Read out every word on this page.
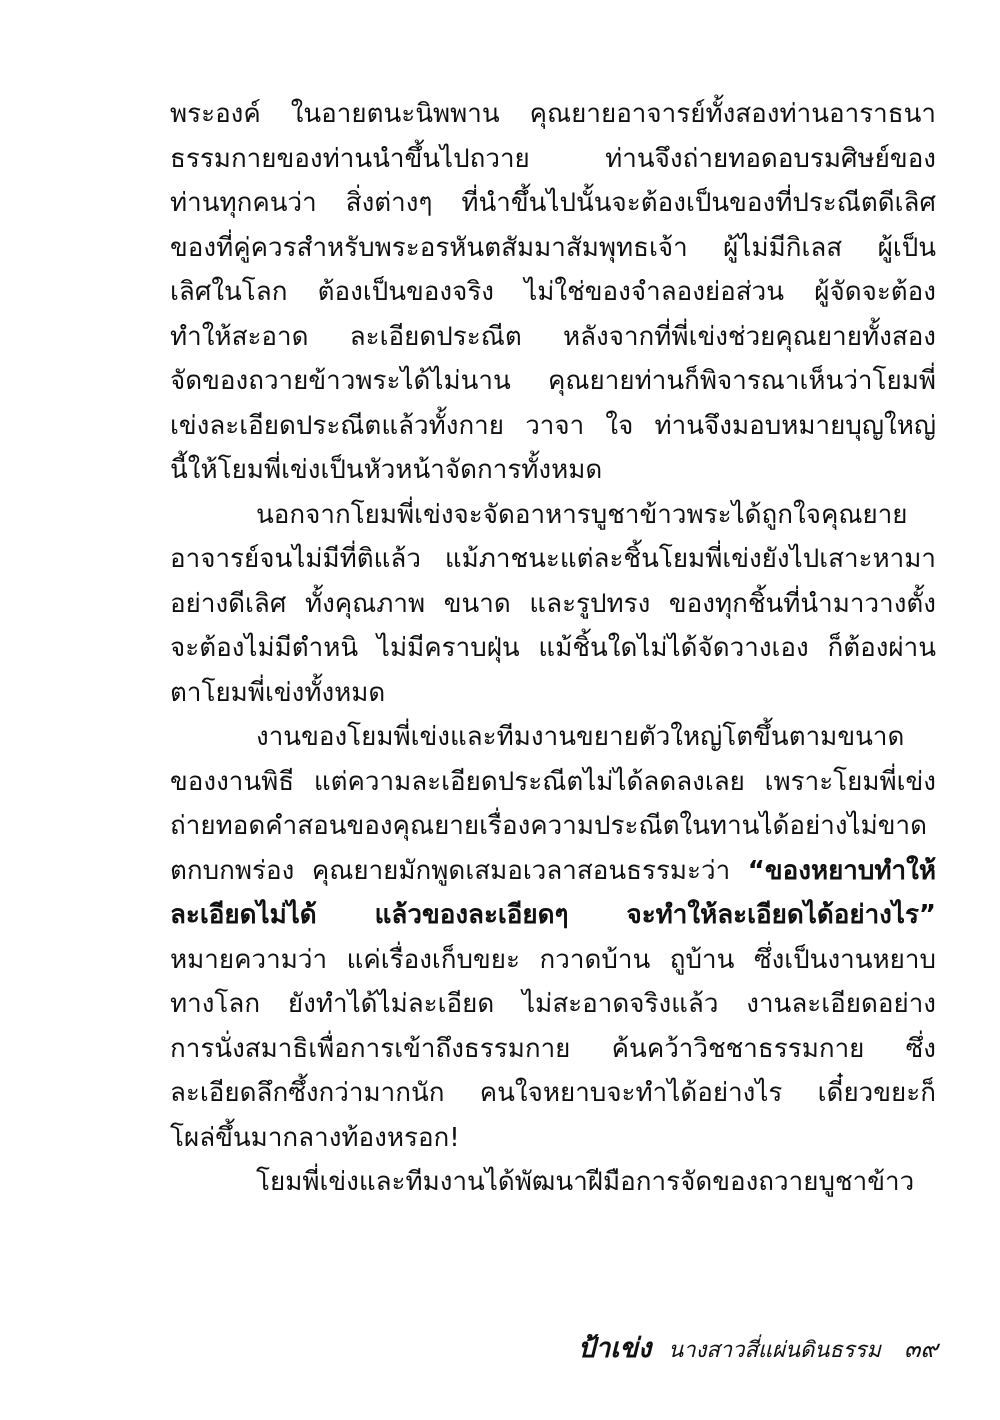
พระองค์ ในอายตนะนิพพาน คุณยายอาจารย์ทั้งสองท่านอาราธนา
ธรรมกายของท่านนำขึ้นไปถวาย ท่านจึงถ่ายทอดอบรมศิษย์ของ
ท่านทุกคนว่า สิ่งต่างๆ ที่นำขึ้นไปนั้นจะต้องเป็นของที่ประณีตดีเลิศ
ของที่คู่ควรสำหรับพระอรหันตสัมมาสัมพุทธเจ้า ผู้ไม่มีกิเลส ผู้เป็น
เลิศในโลก ต้องเป็นของจริง ไม่ใช่ของจำลองย่อส่วน ผู้จัดจะต้อง
ทำให้สะอาด ละเอียดประณีต หลังจากที่พี่เข่งช่วยคุณยายทั้งสอง
จัดของถวายข้าวพระได้ไม่นาน คุณยายท่านก็พิจารณาเห็นว่าโยมพี่
เข่งละเอียดประณีตแล้วทั้งกาย วาจา ใจ ท่านจึงมอบหมายบุญใหญ่
นี้ให้โยมพี่เข่งเป็นหัวหน้าจัดการทั้งหมด
นอกจากโยมพี่เข่งจะจัดอาหารบูชาข้าวพระได้ถูกใจคุณยาย
อาจารย์จนไม่มีที่ติแล้ว แม้ภาชนะแต่ละชิ้นโยมพี่เข่งยังไปเสาะหามา
อย่างดีเลิศ ทั้งคุณภาพ ขนาด และรูปทรง ของทุกชิ้นที่นำมาวางตั้ง
จะต้องไม่มีตำหนิ ไม่มีคราบฝุ่น แม้ชิ้นใดไม่ได้จัดวางเอง ก็ต้องผ่าน
ตาโยมพี่เข่งทั้งหมด
งานของโยมพี่เข่งและทีมงานขยายตัวใหญ่โตขึ้นตามขนาด
ของงานพิธี แต่ความละเอียดประณีตไม่ได้ลดลงเลย เพราะโยมพี่เข่ง
ถ่ายทอดคำสอนของคุณยายเรื่องความประณีตในทานได้อย่างไม่ขาด
ตกบกพร่อง คุณยายมักพูดเสมอเวลาสอนธรรมะว่า “ของหยาบทำให้
ละเอียดไม่ได้ แล้วของละเอียดๆ จะทำให้ละเอียดได้อย่างไร”
หมายความว่า แค่เรื่องเก็บขยะ กวาดบ้าน ถูบ้าน ซึ่งเป็นงานหยาบ
ทางโลก ยังทำได้ไม่ละเอียด ไม่สะอาดจริงแล้ว งานละเอียดอย่าง
การนั่งสมาธิเพื่อการเข้าถึงธรรมกาย ค้นคว้าวิชชาธรรมกาย ซึ่ง
ละเอียดลึกซึ้งกว่ามากนัก คนใจหยาบจะทำได้อย่างไร เดี๋ยวขยะก็
โผล่ขึ้นมากลางท้องหรอก!
โยมพี่เข่งและทีมงานได้พัฒนาฝีมือการจัดของถวายบูชาข้าว
ป้าเข่ง นางสาวสี่แผ่นดินธรรม ๓๙
